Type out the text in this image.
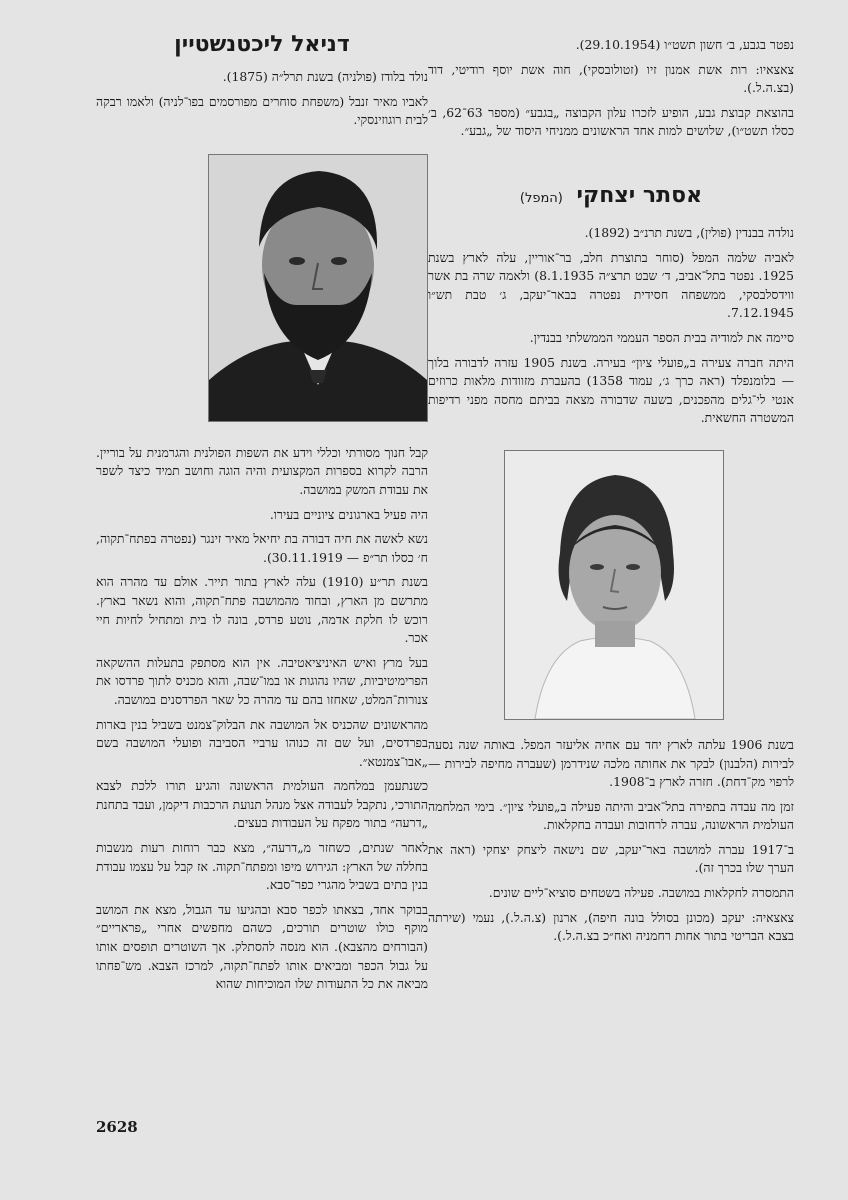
נפטר בגבע, ב׳ חשון תשט״ו (29.10.1954).

צאצאיו: רות אשת אמנון זיו (זטולובסקי), חוה אשת יוסף רודיטי, דוד (בצ.ה.ל.).

בהוצאת קבוצת גבע, הופיע לזכרו עלון הקבוצה „בגבע״ (מספר 63־62, ב׳ כסלו תשט״ו), שלושים למות אחד הראשונים ממניחי היסוד של „גבע״.

אסתר יצחקי (המפל)

נולדה בבנדין (פולין), בשנת תרנ״ב (1892).

לאביה שלמה המפל (סוחר בתוצרת חלב, בר־אוריין, עלה לארץ בשנת 1925. נפטר בתל־אביב, ד׳ שבט תרצ״ה 8.1.1935) ולאמה שרה בת אשר ווידסלבסקי, ממשפחה חסידית נפטרה בבאר־יעקב, ג׳ טבת תש״ו 7.12.1945.

סיימה את למודיה בבית הספר העממי הממשלתי בבנדין.

היתה חברה צעירה ב„פועלי ציון״ בעירה. בשנת 1905 עזרה לדבורה בלוך — בלומנפלד (ראה כרך ג׳, עמוד 1358) בהעברת מזוודות מלאות כרוזים אנטי לי־גלים מהפכנים, בשעה שדבורה מצאה בביתם מחסה מפני רדיפות המשטרה החשאית.

בשנת 1906 עלתה לארץ יחד עם אחיה אליעזר המפל. באותה שנה נסעה לבירות (הלבנון) לבקר את אחותה מלכה שנידרמן (שעברה מחיפה לבירות — לרפוי מק־דחת). חזרה לארץ ב־1908.

זמן מה עבדה בתפירה בתל־אביב והיתה פעילה ב„פועלי ציון״. בימי המלחמה העולמית הראשונה, עברה לרחובות ועבדה בחקלאות.

ב־1917 עברה למושבה באר־יעקב, שם נישאה ליצחק יצחקי (ראה את הערך שלו בכרך זה).

התמסרה לחקלאות במושבה. פעילה בשטחים סוציא־ליים שונים.

צאצאיה: יעקב (מכונן בסולל בונה חיפה), ארנון (צ.ה.ל.), נעמי (שירתה בצבא הבריטי בתור אחות רחמניה ואח״כ בצ.ה.ל.).

דניאל ליכטנשטיין

נולד בלודז (פולניה) בשנת תרל״ה (1875).

לאביו מאיר זנבל (משפחת סוחרים מפורסמים בפו־לניה) ולאמו רבקה לבית רוגוזינסקי.

קבל חנוך מסורתי וכללי וידע את השפות הפולנית והגרמנית על בוריין. הרבה לקרוא בספרות המקצועית והיה הוגה וחושב תמיד כיצד לשפר את עבודת המשק במושבה.

היה פעיל בארגונים ציוניים בעירו.

נשא לאשה את חיה דבורה בת יחיאל מאיר זינגר (נפטרה בפתח־תקוה, ח׳ כסלו תר״פ — 30.11.1919).

בשנת תר״ע (1910) עלה לארץ בתור תייר. אולם עד מהרה הוא מתרשם מן הארץ, ובחוד מהמושבה פתח־תקוה, והוא נשאר בארץ. רוכש לו חלקת אדמה, נוטע פרדס, בונה לו בית ומתחיל לחיות חיי אכר.

בעל מרץ ואיש האיניציאטיבה. אין הוא מסתפק בתעלות ההשקאה הפרימיטיביות, שהיו נהוגות או במו־שבה, והוא מכניס לתוך פרדסו את צנורות־המלט, שאחזו בהם עד מהרה כל שאר הפרדסנים במושבה.

מהראשונים שהכניס אל המושבה את הבלוק־צמנט בשביל בנין בארות בפרדסים, ועל שם זה כנוהו ערביי הסביבה ופועלי המושבה בשם „אבו־צמנטא״.

כשנתעמן במלחמה העולמית הראשונה והגיע תורו ללכת לצבא התורכי, נתקבל לעבודה אצל מנהל תנועת הרכבות דיקמן, ועבד בתחנת „דרעה״ בתור מפקח על העבודות בעצים.

לאחר שנתים, כשחזר מ„דרעה״, מצא כבר רוחות רעות מנשבות בחללה של הארץ: הגירוש מיפו ומפתח־תקוה. אז קבל על עצמו עבודת בנין בתים בשביל מהגרי כפר־סבא.

בבוקר אחד, בצאתו לכפר סבא ובהגיעו עד הגבול, מצא את המושב מוקף כולו שוטרים תורכים, כשהם מחפשים אחרי „פראריים״ (הבורחים מהצבא). הוא מנסה להסתלק. אך השוטרים תופסים אותו על גבול הכפר ומביאים אותו לפתח־תקוה, למרכז הצבא. מש־פחתו מביאה את כל התעודות שלו המוכיחות שהוא

2628
